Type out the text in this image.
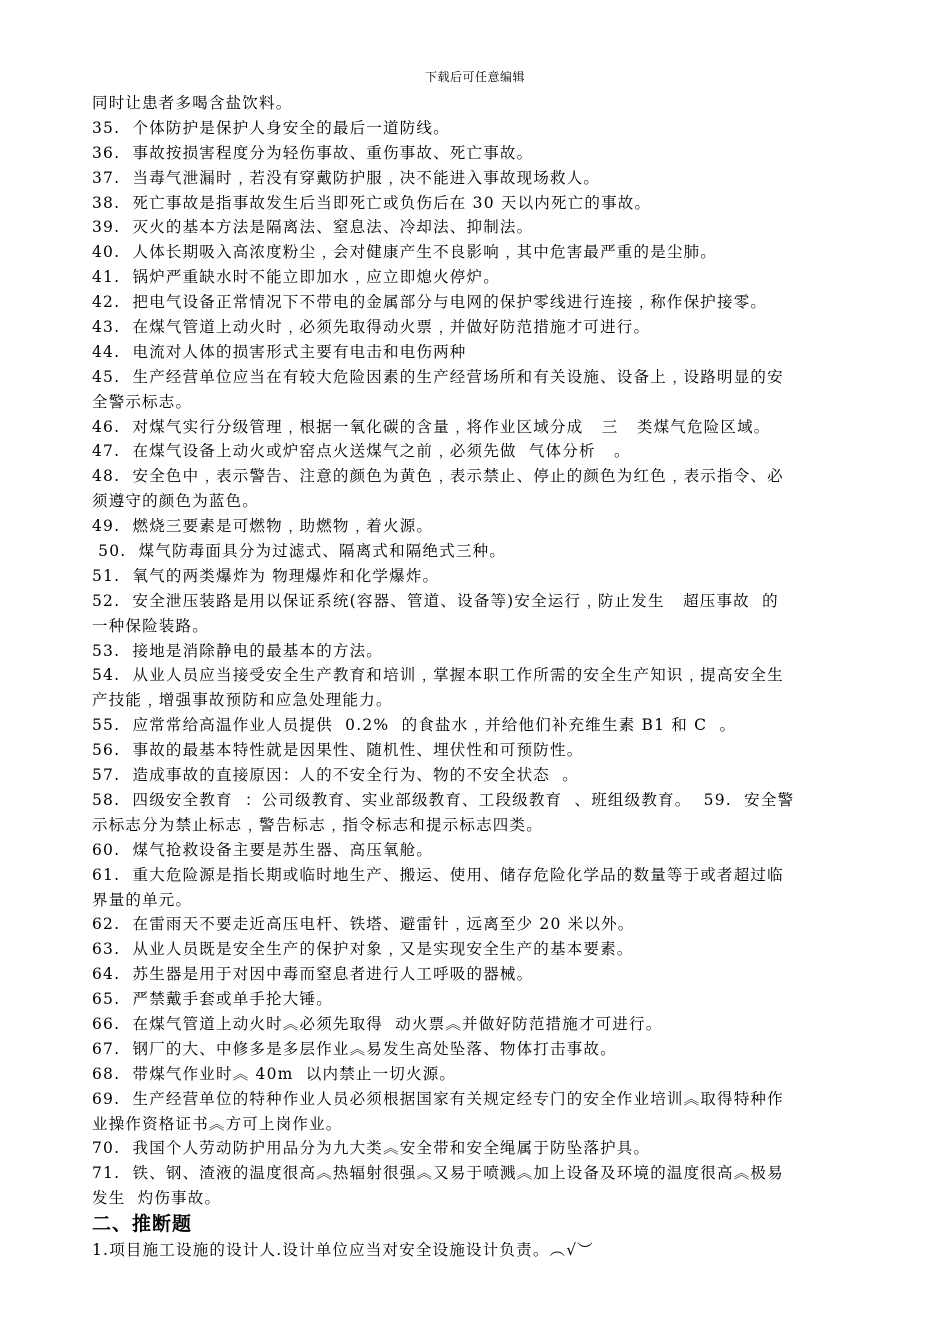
下载后可任意编辑
同时让患者多喝含盐饮料。
35.  个体防护是保护人身安全的最后一道防线。
36.  事故按损害程度分为轻伤事故、重伤事故、死亡事故。
37.  当毒气泄漏时﹐若没有穿戴防护服﹐决不能进入事故现场救人。
38.  死亡事故是指事故发生后当即死亡或负伤后在 30 天以内死亡的事故。
39.  灭火的基本方法是隔离法、窒息法、冷却法、抑制法。
40.  人体长期吸入高浓度粉尘﹐会对健康产生不良影响﹐其中危害最严重的是尘肺。
41.  锅炉严重缺水时不能立即加水﹐应立即熄火停炉。
42.  把电气设备正常情况下不带电的金属部分与电网的保护零线进行连接﹐称作保护接零。
43.  在煤气管道上动火时﹐必须先取得动火票﹐并做好防范措施才可进行。
44.  电流对人体的损害形式主要有电击和电伤两种
45.  生产经营单位应当在有较大危险因素的生产经营场所和有关设施、设备上﹐设路明显的安
全警示标志。
46.  对煤气实行分级管理﹐根据一氧化碳的含量﹐将作业区域分成   三   类煤气危险区域。
47.  在煤气设备上动火或炉窑点火送煤气之前﹐必须先做  气体分析   。
48.  安全色中﹐表示警告、注意的颜色为黄色﹐表示禁止、停止的颜色为红色﹐表示指令、必
须遵守的颜色为蓝色。
49.  燃烧三要素是可燃物﹐助燃物﹐着火源。
50.  煤气防毒面具分为过滤式、隔离式和隔绝式三种。
51.  氧气的两类爆炸为 物理爆炸和化学爆炸。
52.  安全泄压装路是用以保证系统(容器、管道、设备等)安全运行﹐防止发生   超压事故  的
一种保险装路。
53.  接地是消除静电的最基本的方法。
54.  从业人员应当接受安全生产教育和培训﹐掌握本职工作所需的安全生产知识﹐提高安全生
产技能﹐增强事故预防和应急处理能力。
55.  应常常给高温作业人员提供  0.2%  的食盐水﹐并给他们补充维生素 B1 和 C  。
56.  事故的最基本特性就是因果性、随机性、埋伏性和可预防性。
57.  造成事故的直接原因：人的不安全行为、物的不安全状态  。
58.  四级安全教育  ：公司级教育、实业部级教育、工段级教育  、班组级教育。  59.  安全警
示标志分为禁止标志﹐警告标志﹐指令标志和提示标志四类。
60.  煤气抢救设备主要是苏生器、高压氧舱。
61.  重大危险源是指长期或临时地生产、搬运、使用、储存危险化学品的数量等于或者超过临
界量的单元。
62.  在雷雨天不要走近高压电杆、铁塔、避雷针﹐远离至少 20 米以外。
63.  从业人员既是安全生产的保护对象﹐又是实现安全生产的基本要素。
64.  苏生器是用于对因中毒而窒息者进行人工呼吸的器械。
65.  严禁戴手套或单手抡大锤。
66.  在煤气管道上动火时︽必须先取得  动火票︽并做好防范措施才可进行。
67.  钢厂的大、中修多是多层作业︽易发生高处坠落、物体打击事故。
68.  带煤气作业时︽ 40m  以内禁止一切火源。
69.  生产经营单位的特种作业人员必须根据国家有关规定经专门的安全作业培训︽取得特种作
业操作资格证书︽方可上岗作业。
70.  我国个人劳动防护用品分为九大类︽安全带和安全绳属于防坠落护具。
71.  铁、钢、渣液的温度很高︽热辐射很强︽又易于喷溅︽加上设备及环境的温度很高︽极易
发生  灼伤事故。
二、推断题
1.项目施工设施的设计人.设计单位应当对安全设施设计负责。︵√︶
